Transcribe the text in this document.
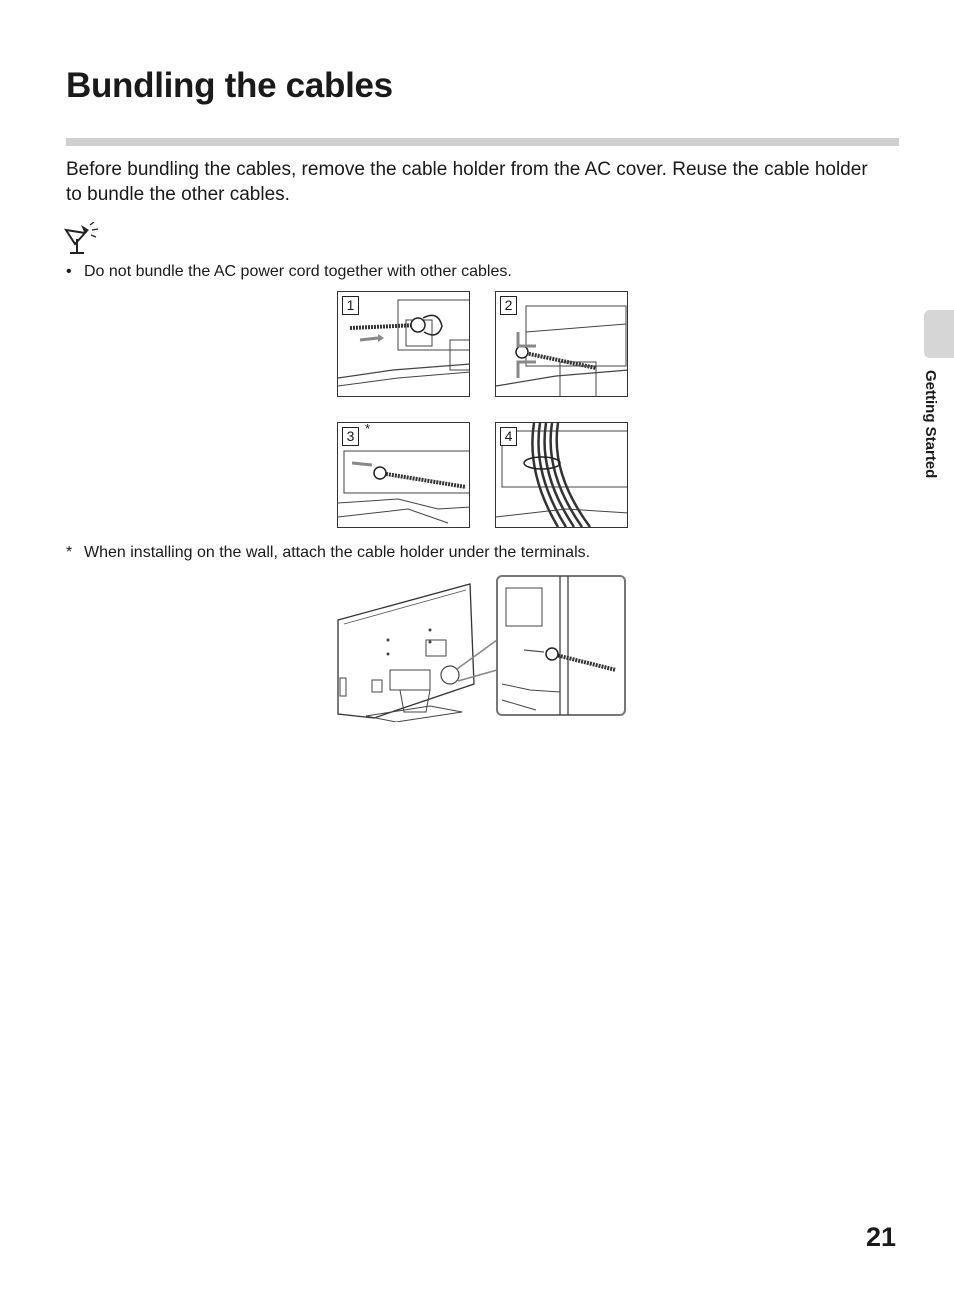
Bundling the cables

Before bundling the cables, remove the cable holder from the AC cover. Reuse the cable holder to bundle the other cables.

• Do not bundle the AC power cord together with other cables.
1	2
3 *	4
* When installing on the wall, attach the cable holder under the terminals.
Getting Started
21
